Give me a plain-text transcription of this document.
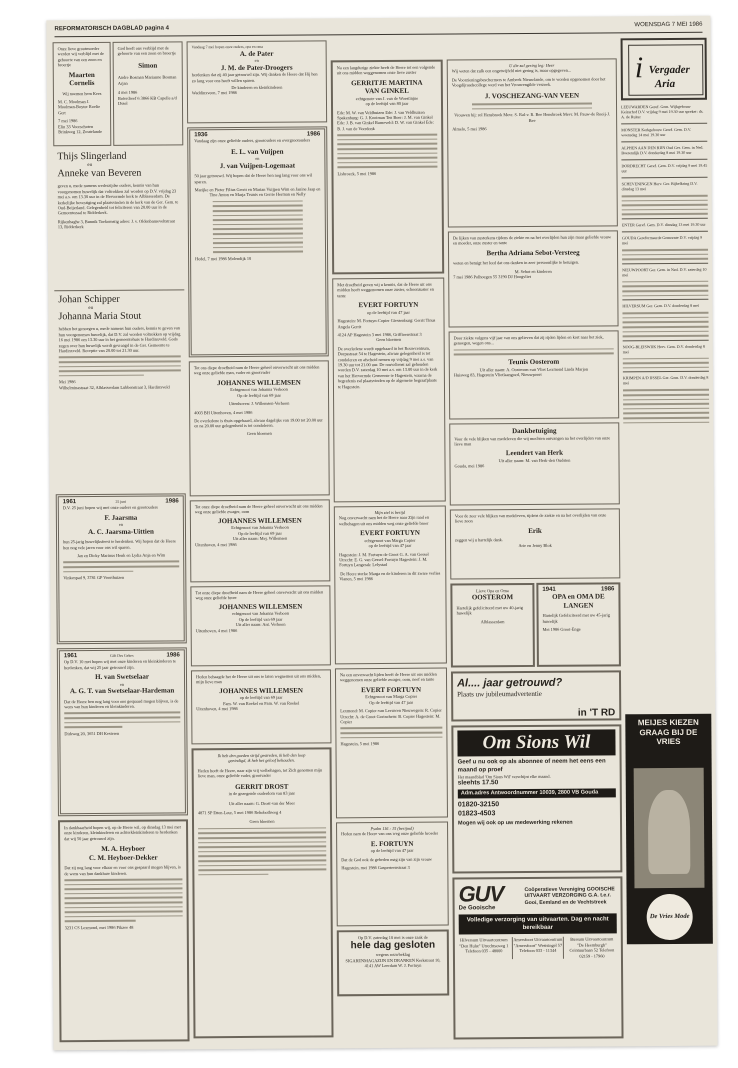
REFORMATORISCH DAGBLAD pagina 4
WOENSDAG 7 MEI 1986
Onze lieve grootmoeder werden wij verblijd met de geboorte van een zoon en broertje
Maarten Cornelis
Wij noemen hem Kees
M. C. Moolman J. Moolman-Boyter Roelie Gert
7 mei 1986
Elin 33 Voorschoten Brinkweg 12, Zoutelande
God heeft ons verblijd met de geboorte van een zoon en broertje
Simon
Andre Bosman Marianne Bosman Arjan
4 mei 1986
Boterdreef 6 3866 KB Capelle a/d IJssel
Thijs Slingerland
en
Anneke van Beveren
geven u, mede namens wederzijdse ouders, kennis van hun voorgenomen huwelijk dat voltrokken zal worden op D.V. vrijdag 23 mei a.s. om 13.30 uur in de Hervormde kerk te Alblasserdam. De kerkelijke bevestiging zal plaatsvinden in de kerk van de Ger. Gem. te Oud-Beijerland. Gelegenheid tot feliciteren van 20.00 uur in de Gemeentezaal te Ridderkerk.
Rijkenhaghe 3, Bunnik Toekomstig adres: J. v. Oldenbarneveltstraat 13, Ridderkerk
Johan Schipper
en
Johanna Maria Stout
hebben het genoegen u, mede namens hun ouders, kennis te geven van hun voorgenomen huwelijk, dat D.V. zal worden voltrokken op vrijdag 16 mei 1986 om 13.30 uur in het gemeentehuis te Hardinxveld. Gods zegen over hun huwelijk wordt gevraagd in de Ger. Gemeente te Hardinxveld. Receptie van 20.00 tot 21.30 uur.
Mei 1986
Wilhelminastraat 32, Alblasserdam Lubbenstraat 3, Hardinxveld
1961	25 juni	1986
D.V. 25 juni hopen wij met onze ouders en grootouders
F. Jaarsma
en
A. C. Jaarsma-Uittien
hun 25-jarig huwelijksfeest te herdenken. Wij hopen dat de Heere hen nog vele jaren voor ons wil sparen.
Jan en Dicky Marinus Henk en Lydia Anja en Wim
Vinkenpad 9, 3781 GP Voorthuizen
1961	Gift Des Gekes	1986
Op D.V. 10 mei hopen wij met onze kinderen en kleinkinderen te herdenken, dat wij 25 jaar getrouwd zijn.
H. van Swetselaar
en
A. G. T. van Swetselaar-Hardeman
Dat de Heere hen nog lang voor ons gespaard mogen blijven, is de wens van hun kinderen en kleinkinderen.
Dirkweg 20, 3651 DH Kesteren
In dankbaarheid hopen wij, op de Heere wil, op dinsdag 13 mei met onze kinderen, kleinkinderen en achterkleinkinderen te herdenken dat wij 50 jaar getrouwd zijn.
M. A. Heyboer
C. M. Heyboer-Dekker
Dat zij nog lang voor elkaar en voor ons gespaard mogen blijven, is de wens van hun dankbare kinderen.
3231 CS Lexmond, mei 1986 Pikzee 48
Vandaag 7 mei hopen onze ouders, opa en oma
A. de Pater
en
J. M. de Pater-Droogers
herdenken dat zij 40 jaar getrouwd zijn. Wij danken de Heere dat Hij hen zo lang voor ons heeft willen sparen.
De kinderen en kleinkinderen
Waddinxveen, 7 mei 1986
1936	1986
Vandaag zijn onze geliefde ouders, grootouders en overgrootouders
E. L. van Vuijpen
en
J. van Vuijpen-Logemaat
50 jaar getrouwd. Wij hopen dat de Heere hen nog lang voor ons wil sparen.
Marijke en Pieter Filius Gerrit en Marian Vuijpen Wim en Janine Jaap en Tine Anton en Marja Teunis en Gerrie Herman en Nelly
Hedel, 7 mei 1986 Molendijk 10
Tot ons diepe droefheid nam de Heere geheel onverwacht uit ons midden weg onze geliefde man, vader en grootvader
JOHANNES WILLEMSEN
Echtgenoot van Johanna Verboon
Op de leeftijd van 69 jaar
Uitenhoven: J. Willemsen-Verboon
4003 BH Uitenhoven, 4 mei 1986
De overledene is thuis opgebaard, alwaar dagelijks van 19.00 tot 20.00 uur en na 20.00 uur gelegenheid is tot condoleren.
Geen bloemen
Tot onze diepe droefheid nam de Heere geheel onverwacht uit ons midden weg onze geliefde zwager, oom
JOHANNES WILLEMSEN
Echtgenoot van Johanna Verboon
Op de leeftijd van 69 jaar
Uit aller naam: Mej. Willemsen
Uitenhoven, 4 mei 1986
Tot onze diepe droefheid nam de Heere geheel onverwacht uit ons midden weg onze geliefde broer
JOHANNES WILLEMSEN
echtgenoot van Johanna Verboon
Op de leeftijd van 69 jaar
Uit aller naam: Ant. Verboon
Uitenhoven, 4 mei 1986
Heden behaagde het de Heere uit ons te laten wegnemen uit ons midden, mijn lieve man
JOHANNES WILLEMSEN
op de leeftijd van 69 jaar
Fam. W. van Roekel en Fam. W. van Roekel
Uitenhoven, 4 mei 1986
Ik heb den goeden strijd gestreden, ik heb den loop geeindigd, ik heb het geloof behouden.
Heden heeft de Heere, naar zijn vrij welbehagen, tot Zich genomen mijn lieve man, onze geliefde vader, grootvader
GERRIT DROST
in de gezegende ouderdom van 83 jaar
Uit aller naam: G. Drost-van der Meer
4871 SP Etten-Leur, 5 mei 1986 Rehobothweg 4
Geen bloemen
Na een langdurige ziekte heeft de Heere tot een volgende uit ons midden weggenomen onze lieve zuster
GERRITJE MARTINA
VAN GINKEL
echtgenote van J. van de Woestinjne
op de leeftijd van 80 jaar
Ede: M. W. van Veldhuizen Ede: J. van Veldhuizen Spakenburg: G. J. Kooiman Ten Boer: J. M. van Ginkel Ede: J. B. van Ginkel Barneveld: D. W. van Ginkel Ede: B. J. van de Veerdonk
Lisbroeck, 5 mei 1986
Met droefheid geven wij u kennis, dat de Heere uit ons midden heeft weggenomen onze zuster, schoonzuster en tante
EVERT FORTUYN
op de leeftijd van 47 jaar
Hagestein: M. Fortuyn-Copier Giessenburg: Gerrit Tinus Angela Gerrit
4124 AP Hagestein 3 mei 1986, Griffioenstraat 3
Geen bloemen
De overledene wordt opgebaard in het Rouwcentrum, Dorpsstraat 54 te Hagestein, alwaar gelegenheid is tot condoleren en afscheid nemen op vrijdag 9 mei a.s. van 19.30 uur tot 21.00 uur. De rouwdienst zal gehouden worden D.V. zaterdag 10 mei a.s. om 13.00 uur in de kerk van het Hervormde Gemeente te Hagestein, waarna de begrafenis zal plaatsvinden op de algemene begraafplaats te Hagestein.
Mijn ziel is berijd
Nog onverwacht nam het de Heere naar Zijn raad en welbehagen uit ons midden weg onze geliefde broer
EVERT FORTUYN
echtgenoot van Marga Copier
op de leeftijd van 47 jaar
Hagestein: J. M. Fortuyn-de Groot G. A. van Gessel Utrecht: E. G. van Gessel-Fortuyn Hagestein: J. M. Fortuyn Langerak: Lelystad
De Heere sterke Marga en de kinderen in dit zware verlies
Vianen, 5 mei 1986
Na een onverwacht lijden heeft de Heere uit ons midden weggenomen onze geliefde zwager, oom, neef en tante
EVERT FORTUYN
Echtgenoot van Marga Copier
Op de leeftijd van 47 jaar
Lexmond: M. Copier-van Leeuwen Nieuwegein: R. Copier Utrecht: A. de Groot Gorinchem: B. Copier Hagestein: M. Copier
Hagestein, 5 mei 1986
Psalm 116 : 15 (berijmd)
Heden nam de Heere van ons weg onze geliefde broeder
E. FORTUYN
op de leeftijd van 47 jaar
Dat de God ook de gebeden mag zijn van zijn vrouw
Hagestein, mei 1986 Gasperteenstraat 3
Op D.V. zaterdag 10 mei is onze zaak de
hele dag gesloten
wegens rouwbeklag
SIGARENMAGAZIJN EN DRANKEN Kerkstraat 10, 4141 AW Leerdam W. J. Fortuyn
U die zal gering leg: Heer
Wij weten dat zulk een ongetwijfeld niet gering is, maar opgegeven...
De Voorzieningsbeschermers te Ambeek Nieuwlande, om te worden opgenomen door het Voogdijraadscollege werd van het Vrouwengilde verzoek.
J. VOSCHEZANG-VAN VEEN
Vrouwen bij: rol Hensbroek Mevr. S. Ral-v. R. Bee Hensbroek Mevr. M. Pauw-de Rooij-J. Bee
Almelo, 5 mei 1986
De lijken van zusterkens tijdens de ziekte en na het overlijden hun zijn maar geliefde vrouw en moeder, onze zuster en tante
Bertha Adriana Sebot-Versteeg
weten en betuigt het leed dat ons danken in zeer persoonlijke te betuigen.
M. Sebot en kinderen
7 mei 1986 Polhoegen 55 3190 DJ Hoogvliet
Door ziekte volgens vijf jaar van ons gelieven dat zij rijden lijden en kort naar het ziek, genoegen, wegen ons...
Teunis Oosterom
Uit aller naam: A. Oosterom-van Vliet Lexmond Linda Marjon
Huisweg 83, Hagestein Vlietlaangoed, Nieuwpoort
Dankbetuiging
Voor de vele blijken van medeleven die wij mochten ontvangen na het overlijden van onze lieve man
Leendert van Herk
Uit aller naam: M. van Herk-den Oudsten
Gouda, mei 1986
Voor de zeer vele blijken van medeleven, tijdens de ziekte en na het overlijden van onze lieve zoon
Erik
zeggen wij u hartelijk dank.
Arie en Jenny Blok
Lieve Opa en Oma
OOSTEROM
Hartelijk gefeliciteerd met uw 40-jarig huwelijk
Alblasserdam
1941	1986
OPA en OMA DE LANGEN
Hartelijk Gefeliciteerd met uw 45-jarig huwelijk
Mei 1986 Groot-Enge
Al.... jaar getrouwd?
Plaats uw jubileumadvertentie
in 'T RD
Om Sions Wil
Geef u nu ook op als abonnee of neem het eens een maand op proef
Het maandblad 'Om Sions Wil' verschijnt elke maand.
sleehts 17.50
Adm.adres Antwoordnummer 10039, 2800 VB Gouda
01820-32150
01823-4503
Mogen wij ook op uw medewerking rekenen
GUV
De Gooische
Coöperatieve Vereniging GOOISCHE UITVAART VERZORGING G.A. t.e.r. Gooi, Eemland en de Vechtstreek
Volledige verzorging van uitvaarten. Dag en nacht bereikbaar
Hilversum Uitvaartcentrum "Den Hulst" Utrechtseweg 1 Telefoon 035 - 48000
Amersfoort Uitvaartcentrum "Amersfoort" Westsingel 57 Telefoon 033 - 11344
Bussum Uitvaartcentrum "De Heemburgh" Ceintuurbaan 52 Telefoon 02159 - 17960
i Vergader
Aria
LEEUWARDEN Geref. Gem. Wijkgebouw Keizerhof D.V. vrijdag 9 mei 19.30 uur spreker: ds. A. de Ruiter
MONSTER Kerkgebouw Geref. Gem. D.V. woensdag 14 mei 19.30 uur
ALPHEN AAN DEN RIJN Oud Ger. Gem. in Ned. Boerendijk D.V. donderdag 8 mei 19.30 uur
DORDRECHT Geref. Gem. D.V. vrijdag 9 mei 19.45 uur
SCHEVENINGEN Herv. Ger. Bijbelkring D.V. dinsdag 13 mei
ENTER Geref. Gem. D.V. dinsdag 13 mei 19.30 uur
GOUDA Gereformeerde Gemeente D.V. vrijdag 9 mei
NIEUWPOORT Ger. Gem. in Ned. D.V. zaterdag 10 mei
HILVERSUM Ger. Gem. D.V. donderdag 8 mei
NOOG-BLEISWIJK Herv. Gem. D.V. donderdag 8 mei
KRIMPEN A/D IJSSEL Ger. Gem. D.V. donderdag 8 mei
MEIJES KIEZEN GRAAG BIJ DE VRIES
De Vries Mode
